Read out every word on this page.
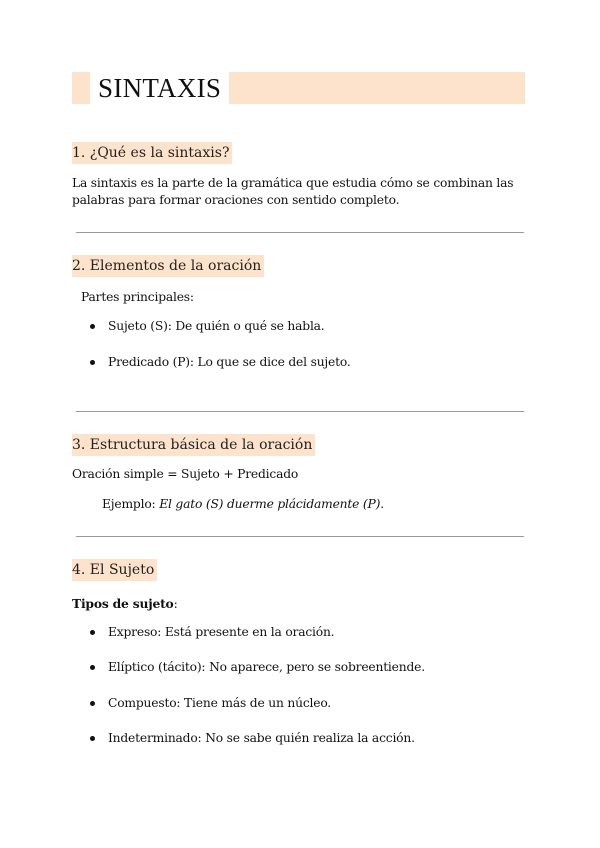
SINTAXIS
1. ¿Qué es la sintaxis?
La sintaxis es la parte de la gramática que estudia cómo se combinan las
palabras para formar oraciones con sentido completo.
2. Elementos de la oración
Partes principales:
Sujeto (S): De quién o qué se habla.
Predicado (P): Lo que se dice del sujeto.
3. Estructura básica de la oración
Oración simple = Sujeto + Predicado
Ejemplo: El gato (S) duerme plácidamente (P).
4. El Sujeto
Tipos de sujeto:
Expreso: Está presente en la oración.
Elíptico (tácito): No aparece, pero se sobreentiende.
Compuesto: Tiene más de un núcleo.
Indeterminado: No se sabe quién realiza la acción.
